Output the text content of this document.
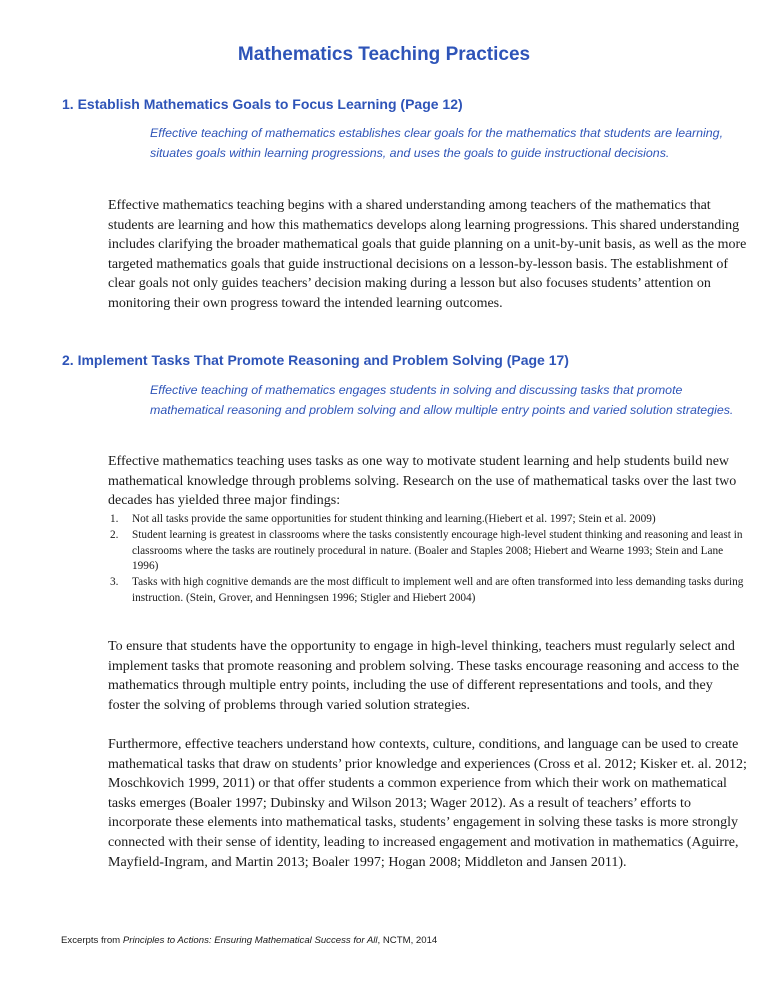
Mathematics Teaching Practices
1. Establish Mathematics Goals to Focus Learning (Page 12)

Effective teaching of mathematics establishes clear goals for the mathematics that students are learning, situates goals within learning progressions, and uses the goals to guide instructional decisions.

Effective mathematics teaching begins with a shared understanding among teachers of the mathematics that students are learning and how this mathematics develops along learning progressions. This shared understanding includes clarifying the broader mathematical goals that guide planning on a unit-by-unit basis, as well as the more targeted mathematics goals that guide instructional decisions on a lesson-by-lesson basis. The establishment of clear goals not only guides teachers’ decision making during a lesson but also focuses students’ attention on monitoring their own progress toward the intended learning outcomes.

2. Implement Tasks That Promote Reasoning and Problem Solving (Page 17)

Effective teaching of mathematics engages students in solving and discussing tasks that promote mathematical reasoning and problem solving and allow multiple entry points and varied solution strategies.

Effective mathematics teaching uses tasks as one way to motivate student learning and help students build new mathematical knowledge through problems solving. Research on the use of mathematical tasks over the last two decades has yielded three major findings:

1. Not all tasks provide the same opportunities for student thinking and learning.(Hiebert et al. 1997; Stein et al. 2009)
2. Student learning is greatest in classrooms where the tasks consistently encourage high-level student thinking and reasoning and least in classrooms where the tasks are routinely procedural in nature. (Boaler and Staples 2008; Hiebert and Wearne 1993; Stein and Lane 1996)
3. Tasks with high cognitive demands are the most difficult to implement well and are often transformed into less demanding tasks during instruction. (Stein, Grover, and Henningsen 1996; Stigler and Hiebert 2004)

To ensure that students have the opportunity to engage in high-level thinking, teachers must regularly select and implement tasks that promote reasoning and problem solving. These tasks encourage reasoning and access to the mathematics through multiple entry points, including the use of different representations and tools, and they foster the solving of problems through varied solution strategies.

Furthermore, effective teachers understand how contexts, culture, conditions, and language can be used to create mathematical tasks that draw on students’ prior knowledge and experiences (Cross et al. 2012; Kisker et. al. 2012; Moschkovich 1999, 2011) or that offer students a common experience from which their work on mathematical tasks emerges (Boaler 1997; Dubinsky and Wilson 2013; Wager 2012). As a result of teachers’ efforts to incorporate these elements into mathematical tasks, students’ engagement in solving these tasks is more strongly connected with their sense of identity, leading to increased engagement and motivation in mathematics (Aguirre, Mayfield-Ingram, and Martin 2013; Boaler 1997; Hogan 2008; Middleton and Jansen 2011).

Excerpts from Principles to Actions: Ensuring Mathematical Success for All, NCTM, 2014
